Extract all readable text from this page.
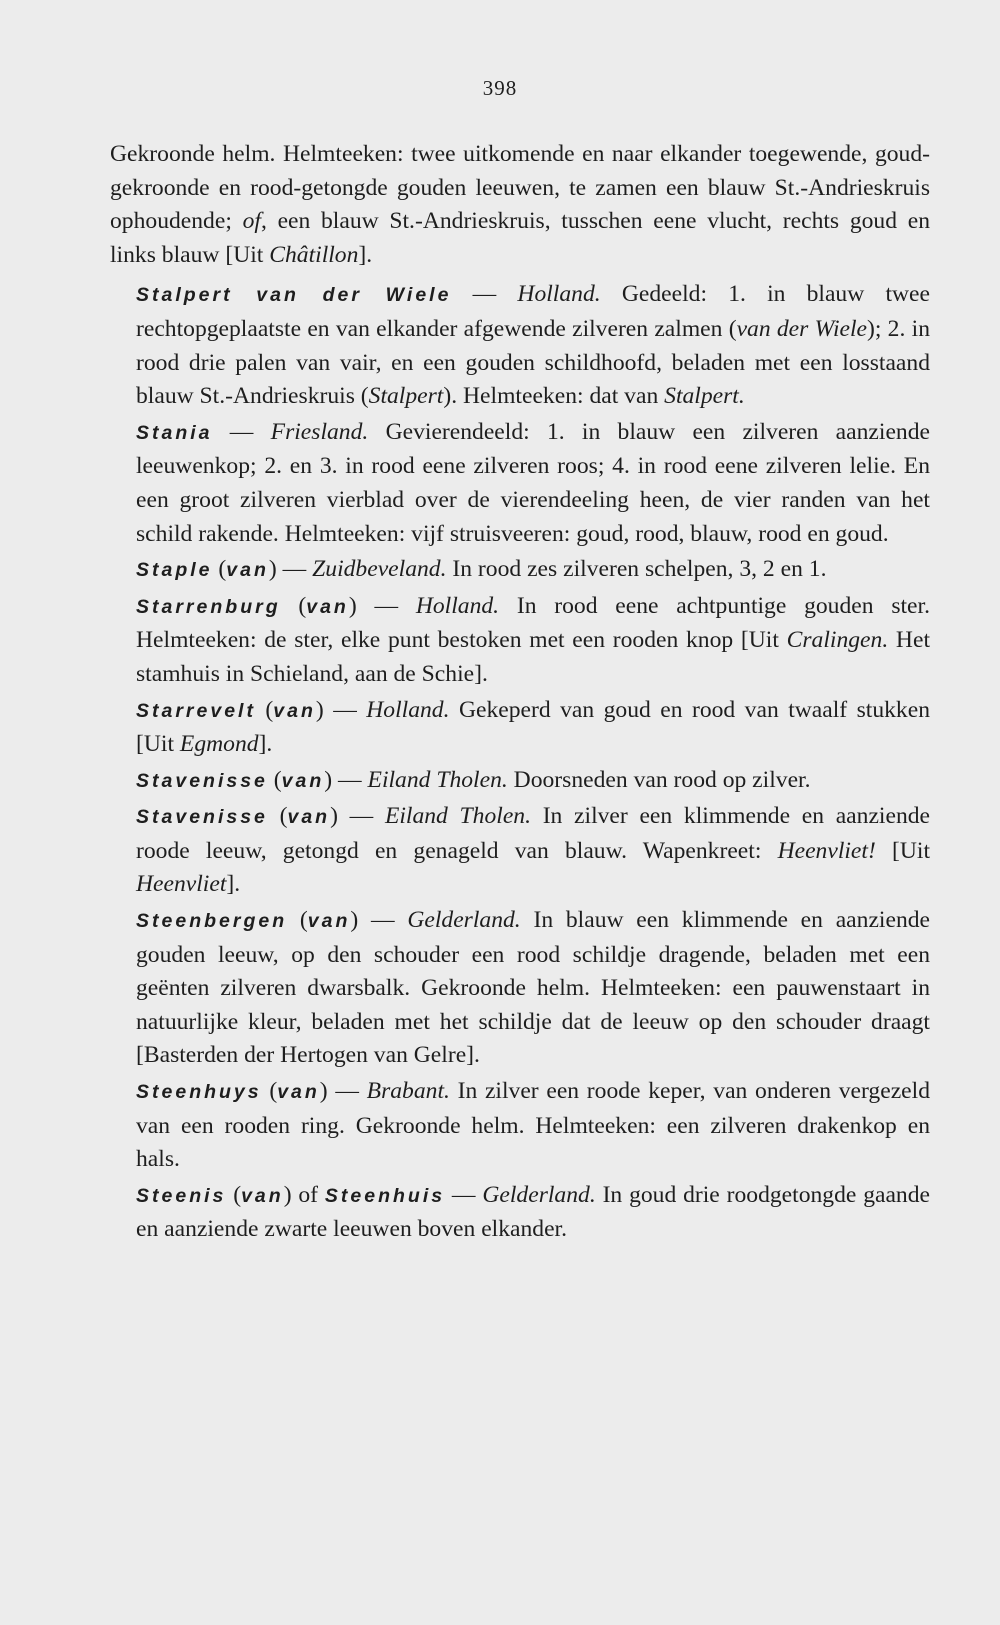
398

Gekroonde helm. Helmteeken: twee uitkomende en naar elkander toegewende, goud-gekroonde en rood-getongde gouden leeuwen, te zamen een blauw St.-Andrieskruis ophoudende; of, een blauw St.-Andrieskruis, tusschen eene vlucht, rechts goud en links blauw [Uit Châtillon].

Stalpert van der Wiele — Holland. Gedeeld: 1. in blauw twee rechtopgeplaatste en van elkander afgewende zilveren zalmen (van der Wiele); 2. in rood drie palen van vair, en een gouden schildhoofd, beladen met een losstaand blauw St.-Andrieskruis (Stalpert). Helmteeken: dat van Stalpert.

Stania — Friesland. Gevierendeeld: 1. in blauw een zilveren aanziende leeuwenkop; 2. en 3. in rood eene zilveren roos; 4. in rood eene zilveren lelie. En een groot zilveren vierblad over de vierendeeling heen, de vier randen van het schild rakende. Helmteeken: vijf struisveeren: goud, rood, blauw, rood en goud.

Staple (van) — Zuidbeveland. In rood zes zilveren schelpen, 3, 2 en 1.

Starrenburg (van) — Holland. In rood eene achtpuntige gouden ster. Helmteeken: de ster, elke punt bestoken met een rooden knop [Uit Cralingen. Het stamhuis in Schieland, aan de Schie].

Starrevelt (van) — Holland. Gekeperd van goud en rood van twaalf stukken [Uit Egmond].

Stavenisse (van) — Eiland Tholen. Doorsneden van rood op zilver.

Stavenisse (van) — Eiland Tholen. In zilver een klimmende en aanziende roode leeuw, getongd en genageld van blauw. Wapenkreet: Heenvliet! [Uit Heenvliet].

Steenbergen (van) — Gelderland. In blauw een klimmende en aanziende gouden leeuw, op den schouder een rood schildje dragende, beladen met een geënten zilveren dwarsbalk. Gekroonde helm. Helmteeken: een pauwenstaart in natuurlijke kleur, beladen met het schildje dat de leeuw op den schouder draagt [Basterden der Hertogen van Gelre].

Steenhuys (van) — Brabant. In zilver een roode keper, van onderen vergezeld van een rooden ring. Gekroonde helm. Helmteeken: een zilveren drakenkop en hals.

Steenis (van) of Steenhuis — Gelderland. In goud drie roodgetongde gaande en aanziende zwarte leeuwen boven elkander.
